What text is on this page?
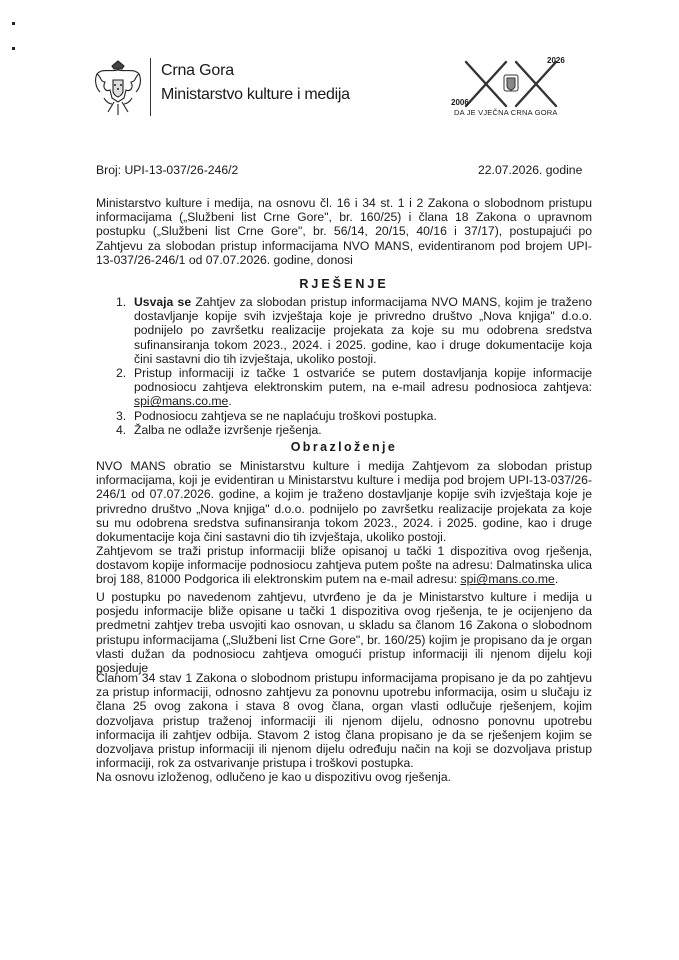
Crna Gora
Ministarstvo kulture i medija
2026
2006
DA JE VJEČNA CRNA GORA
Broj: UPI-13-037/26-246/2	22.07.2026. godine

Ministarstvo kulture i medija, na osnovu čl. 16 i 34 st. 1 i 2 Zakona o slobodnom pristupu informacijama („Službeni list Crne Gore", br. 160/25) i člana 18 Zakona o upravnom postupku („Službeni list Crne Gore", br. 56/14, 20/15, 40/16 i 37/17), postupajući po Zahtjevu za slobodan pristup informacijama NVO MANS, evidentiranom pod brojem UPI-13-037/26-246/1 od 07.07.2026. godine, donosi

RJEŠENJE
1. Usvaja se Zahtjev za slobodan pristup informacijama NVO MANS, kojim je traženo dostavljanje kopije svih izvještaja koje je privredno društvo „Nova knjiga" d.o.o. podnijelo po završetku realizacije projekata za koje su mu odobrena sredstva sufinansiranja tokom 2023., 2024. i 2025. godine, kao i druge dokumentacije koja čini sastavni dio tih izvještaja, ukoliko postoji.
2. Pristup informaciji iz tačke 1 ostvariće se putem dostavljanja kopije informacije podnosiocu zahtjeva elektronskim putem, na e-mail adresu podnosioca zahtjeva: spi@mans.co.me.
3. Podnosiocu zahtjeva se ne naplaćuju troškovi postupka.
4. Žalba ne odlaže izvršenje rješenja.
Obrazloženje

NVO MANS obratio se Ministarstvu kulture i medija Zahtjevom za slobodan pristup informacijama, koji je evidentiran u Ministarstvu kulture i medija pod brojem UPI-13-037/26-246/1 od 07.07.2026. godine, a kojim je traženo dostavljanje kopije svih izvještaja koje je privredno društvo „Nova knjiga" d.o.o. podnijelo po završetku realizacije projekata za koje su mu odobrena sredstva sufinansiranja tokom 2023., 2024. i 2025. godine, kao i druge dokumentacije koja čini sastavni dio tih izvještaja, ukoliko postoji.

Zahtjevom se traži pristup informaciji bliže opisanoj u tački 1 dispozitiva ovog rješenja, dostavom kopije informacije podnosiocu zahtjeva putem pošte na adresu: Dalmatinska ulica broj 188, 81000 Podgorica ili elektronskim putem na e-mail adresu: spi@mans.co.me.

U postupku po navedenom zahtjevu, utvrđeno je da je Ministarstvo kulture i medija u posjedu informacije bliže opisane u tački 1 dispozitiva ovog rješenja, te je ocijenjeno da predmetni zahtjev treba usvojiti kao osnovan, u skladu sa članom 16 Zakona o slobodnom pristupu informacijama („Službeni list Crne Gore", br. 160/25) kojim je propisano da je organ vlasti dužan da podnosiocu zahtjeva omogući pristup informaciji ili njenom dijelu koji posjeduje

Članom 34 stav 1 Zakona o slobodnom pristupu informacijama propisano je da po zahtjevu za pristup informaciji, odnosno zahtjevu za ponovnu upotrebu informacija, osim u slučaju iz člana 25 ovog zakona i stava 8 ovog člana, organ vlasti odlučuje rješenjem, kojim dozvoljava pristup traženoj informaciji ili njenom dijelu, odnosno ponovnu upotrebu informacija ili zahtjev odbija. Stavom 2 istog člana propisano je da se rješenjem kojim se dozvoljava pristup informaciji ili njenom dijelu određuju način na koji se dozvoljava pristup informaciji, rok za ostvarivanje pristupa i troškovi postupka.

Na osnovu izloženog, odlučeno je kao u dispozitivu ovog rješenja.
